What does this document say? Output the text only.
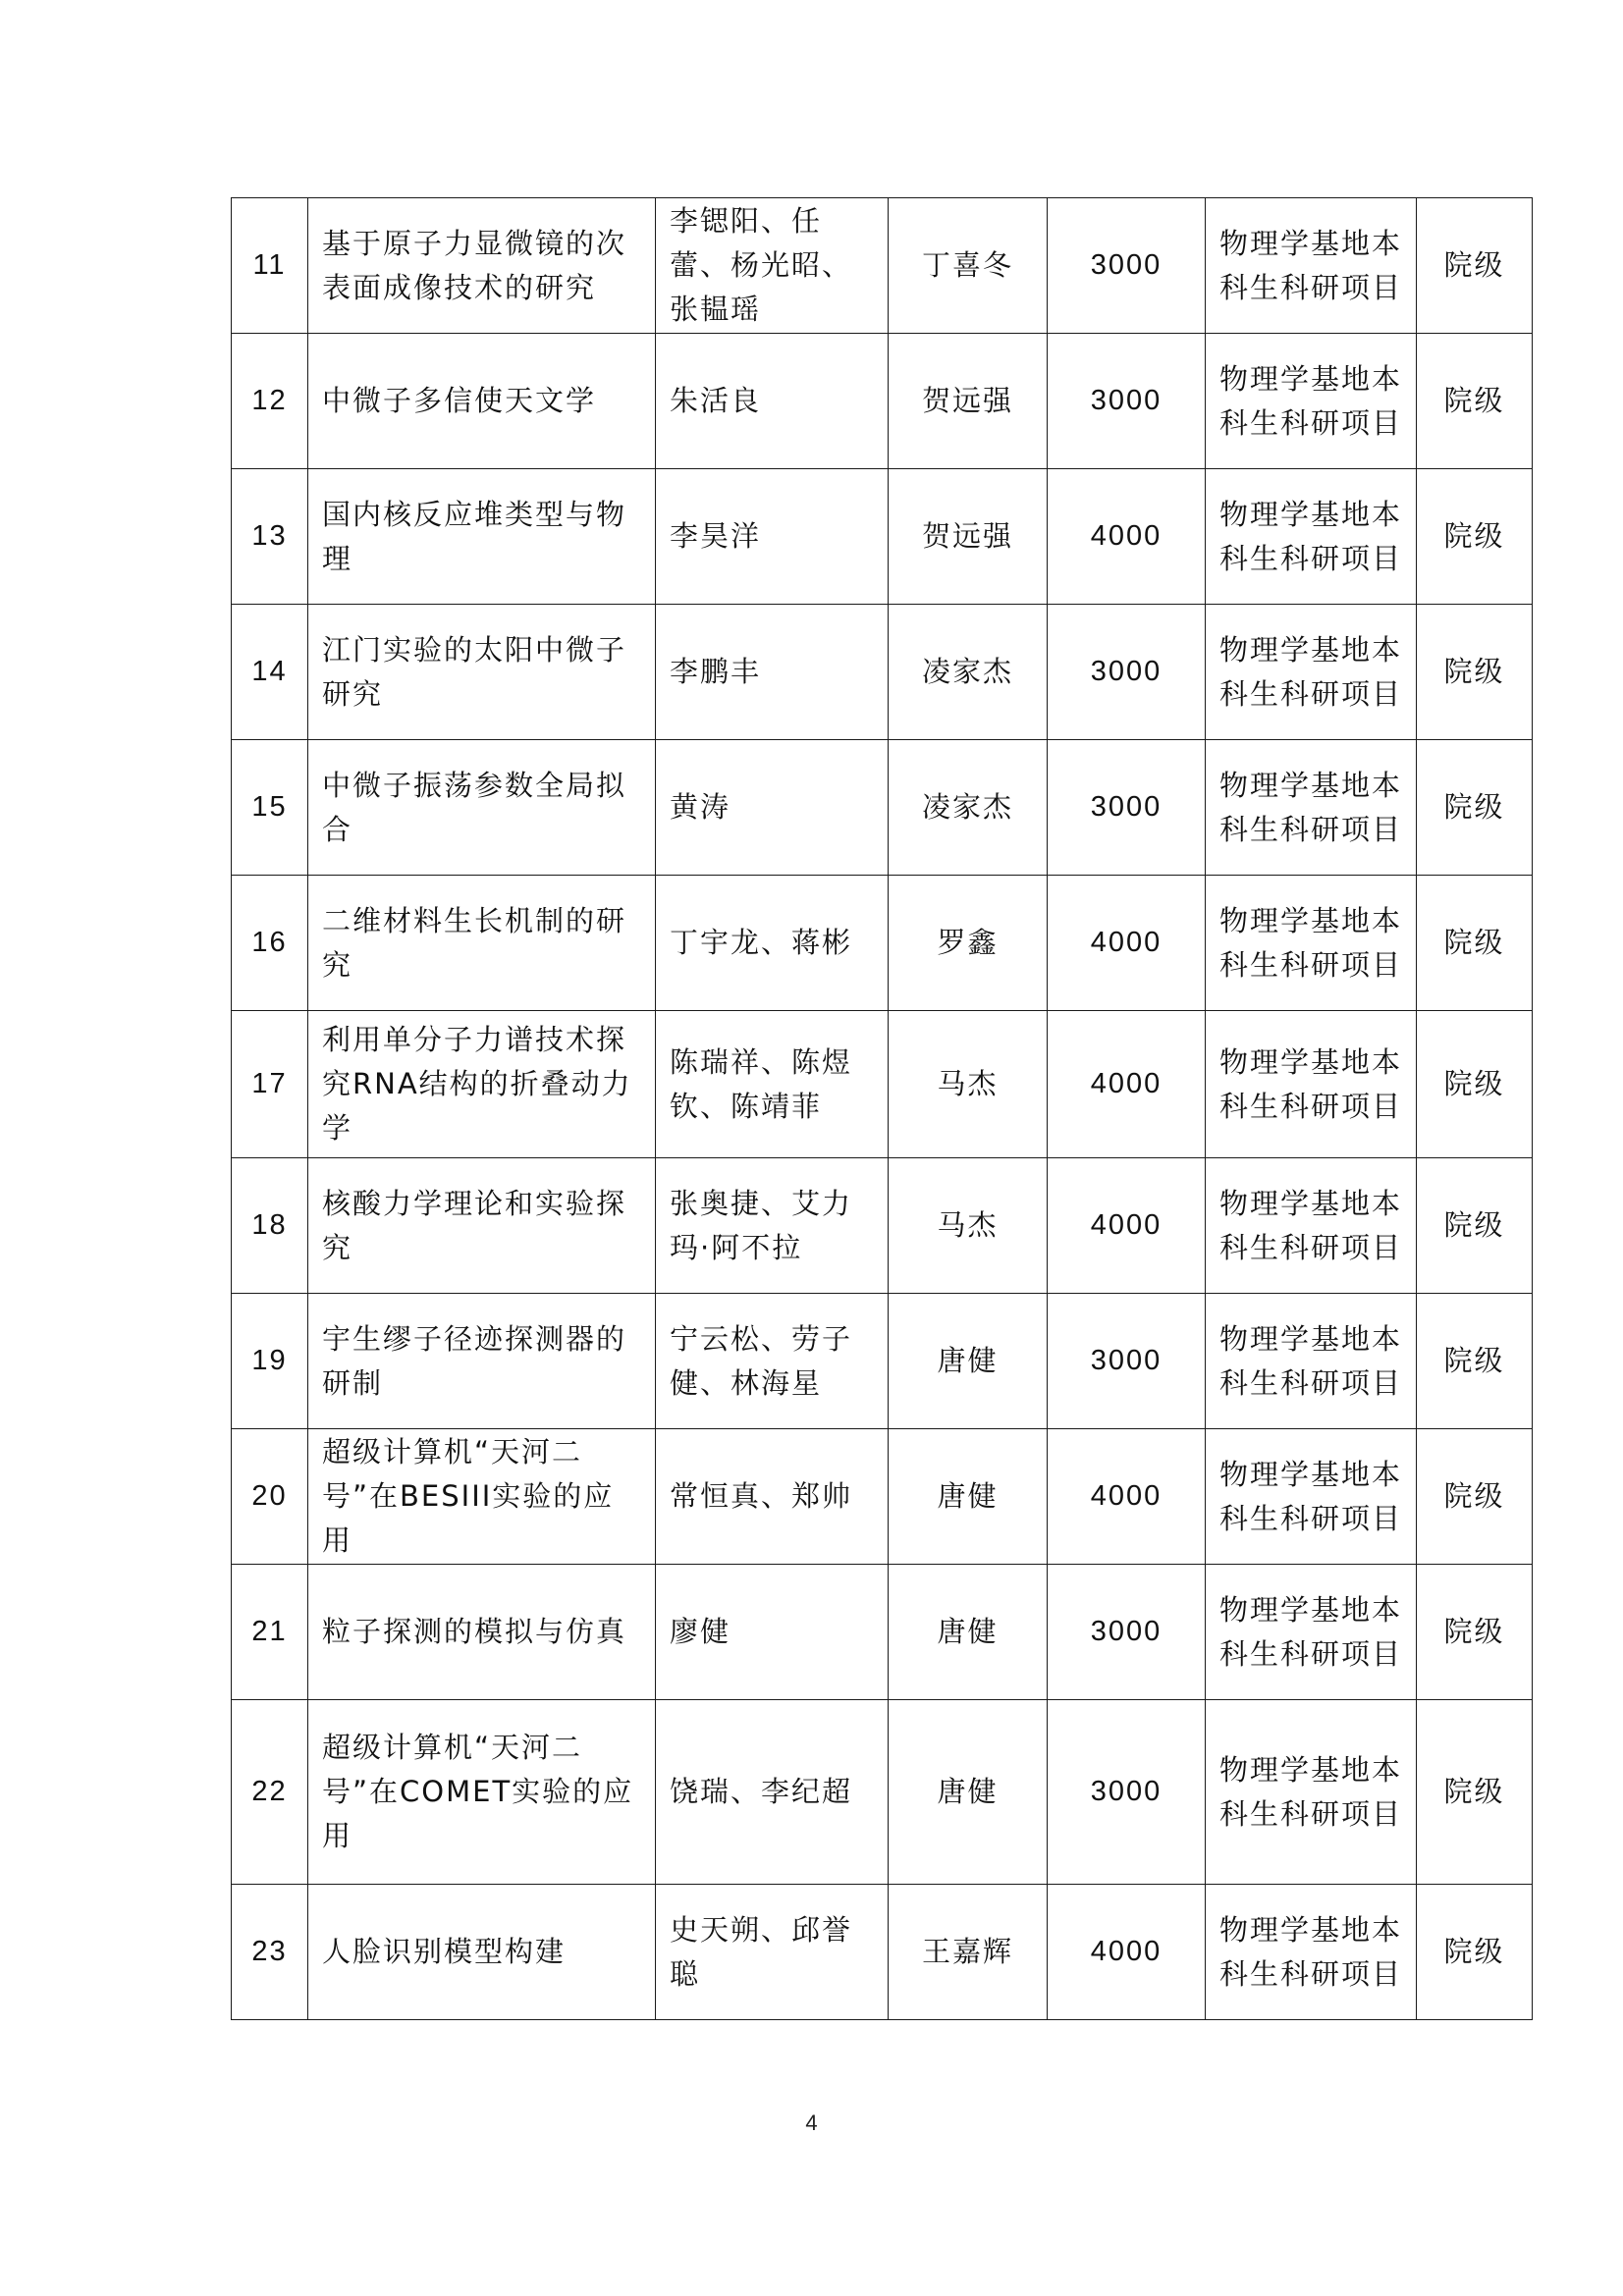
11	基于原子力显微镜的次表面成像技术的研究	李锶阳、任蕾、杨光昭、张韫瑶	丁喜冬	3000	物理学基地本科生科研项目	院级
12	中微子多信使天文学	朱活良	贺远强	3000	物理学基地本科生科研项目	院级
13	国内核反应堆类型与物理	李昊洋	贺远强	4000	物理学基地本科生科研项目	院级
14	江门实验的太阳中微子研究	李鹏丰	凌家杰	3000	物理学基地本科生科研项目	院级
15	中微子振荡参数全局拟合	黄涛	凌家杰	3000	物理学基地本科生科研项目	院级
16	二维材料生长机制的研究	丁宇龙、蒋彬	罗鑫	4000	物理学基地本科生科研项目	院级
17	利用单分子力谱技术探究RNA结构的折叠动力学	陈瑞祥、陈煜钦、陈靖菲	马杰	4000	物理学基地本科生科研项目	院级
18	核酸力学理论和实验探究	张奥捷、艾力玛·阿不拉	马杰	4000	物理学基地本科生科研项目	院级
19	宇生缪子径迹探测器的研制	宁云松、劳子健、林海星	唐健	3000	物理学基地本科生科研项目	院级
20	超级计算机“天河二号”在BESIII实验的应用	常恒真、郑帅	唐健	4000	物理学基地本科生科研项目	院级
21	粒子探测的模拟与仿真	廖健	唐健	3000	物理学基地本科生科研项目	院级
22	超级计算机“天河二号”在COMET实验的应用	饶瑞、李纪超	唐健	3000	物理学基地本科生科研项目	院级
23	人脸识别模型构建	史天朔、邱誉聪	王嘉辉	4000	物理学基地本科生科研项目	院级
4
